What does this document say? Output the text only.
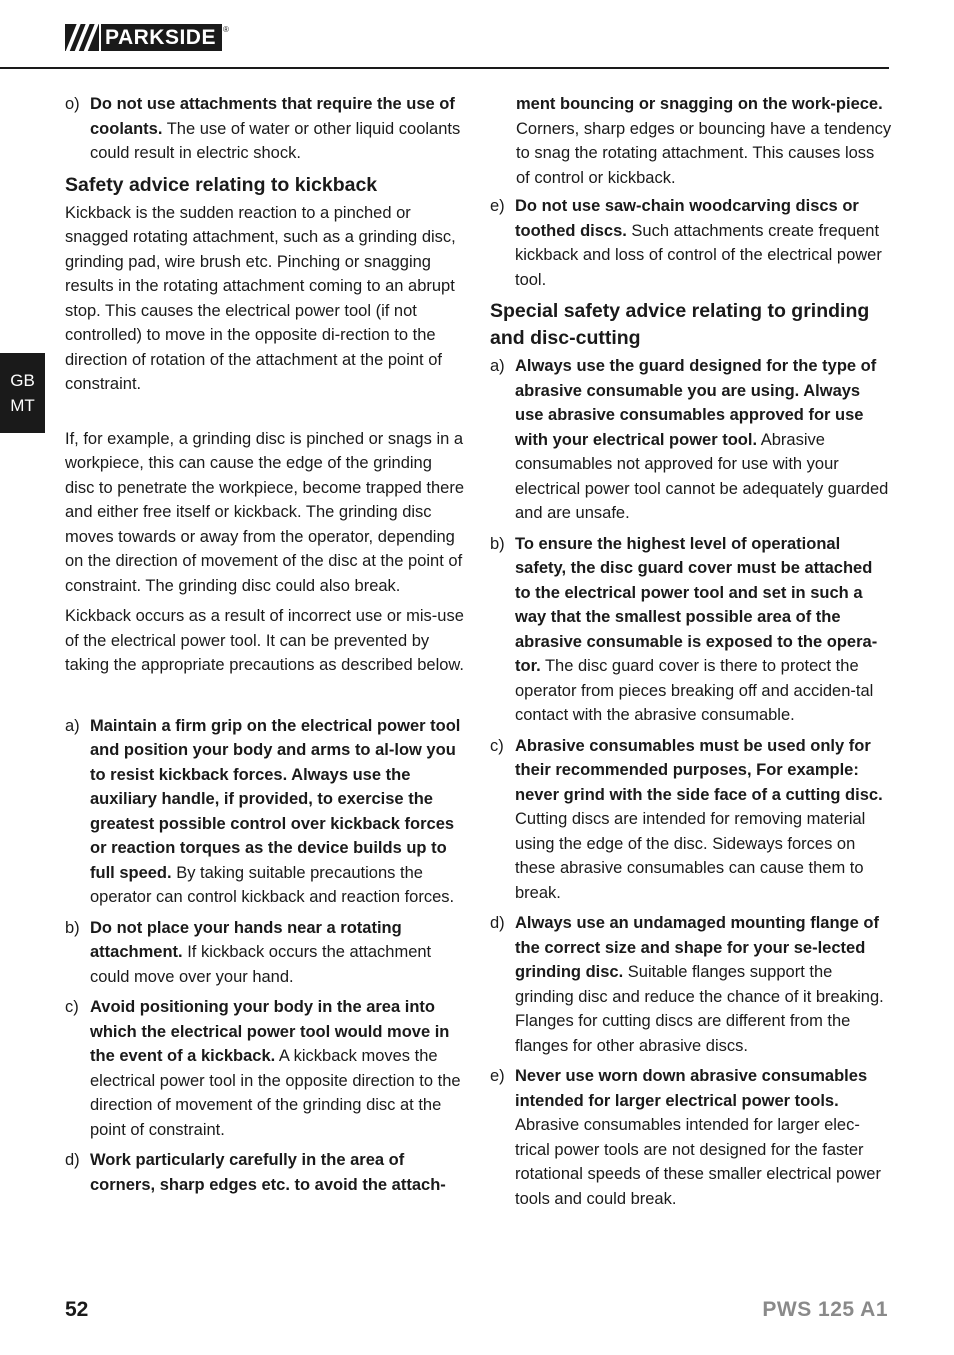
PARKSIDE ®
GB
MT
o) Do not use attachments that require the use of coolants. The use of water or other liquid coolants could result in electric shock.
Safety advice relating to kickback

Kickback is the sudden reaction to a pinched or snagged rotating attachment, such as a grinding disc, grinding pad, wire brush etc. Pinching or snagging results in the rotating attachment coming to an abrupt stop. This causes the electrical power tool (if not controlled) to move in the opposite di-rection to the direction of rotation of the attachment at the point of constraint.

If, for example, a grinding disc is pinched or snags in a workpiece, this can cause the edge of the grinding disc to penetrate the workpiece, become trapped there and either free itself or kickback. The grinding disc moves towards or away from the operator, depending on the direction of movement of the disc at the point of constraint. The grinding disc could also break.

Kickback occurs as a result of incorrect use or mis-use of the electrical power tool. It can be prevented by taking the appropriate precautions as described below.

a) Maintain a firm grip on the electrical power tool and position your body and arms to al-low you to resist kickback forces. Always use the auxiliary handle, if provided, to exercise the greatest possible control over kickback forces or reaction torques as the device builds up to full speed. By taking suitable precautions the operator can control kickback and reaction forces.
b) Do not place your hands near a rotating attachment. If kickback occurs the attachment could move over your hand.
c) Avoid positioning your body in the area into which the electrical power tool would move in the event of a kickback. A kickback moves the electrical power tool in the opposite direction to the direction of movement of the grinding disc at the point of constraint.
d) Work particularly carefully in the area of corners, sharp edges etc. to avoid the attach-
ment bouncing or snagging on the work-piece. Corners, sharp edges or bouncing have a tendency to snag the rotating attachment. This causes loss of control or kickback.
e) Do not use saw-chain woodcarving discs or toothed discs. Such attachments create frequent kickback and loss of control of the electrical power tool.
Special safety advice relating to grinding and disc-cutting
a) Always use the guard designed for the type of abrasive consumable you are using. Always use abrasive consumables approved for use with your electrical power tool. Abrasive consumables not approved for use with your electrical power tool cannot be adequately guarded and are unsafe.
b) To ensure the highest level of operational safety, the disc guard cover must be attached to the electrical power tool and set in such a way that the smallest possible area of the abrasive consumable is exposed to the opera-tor. The disc guard cover is there to protect the operator from pieces breaking off and acciden-tal contact with the abrasive consumable.
c) Abrasive consumables must be used only for their recommended purposes, For example: never grind with the side face of a cutting disc. Cutting discs are intended for removing material using the edge of the disc. Sideways forces on these abrasive consumables can cause them to break.
d) Always use an undamaged mounting flange of the correct size and shape for your se-lected grinding disc. Suitable flanges support the grinding disc and reduce the chance of it breaking. Flanges for cutting discs are different from the flanges for other abrasive discs.
e) Never use worn down abrasive consumables intended for larger electrical power tools. Abrasive consumables intended for larger elec-trical power tools are not designed for the faster rotational speeds of these smaller electrical power tools and could break.
52	PWS 125 A1
